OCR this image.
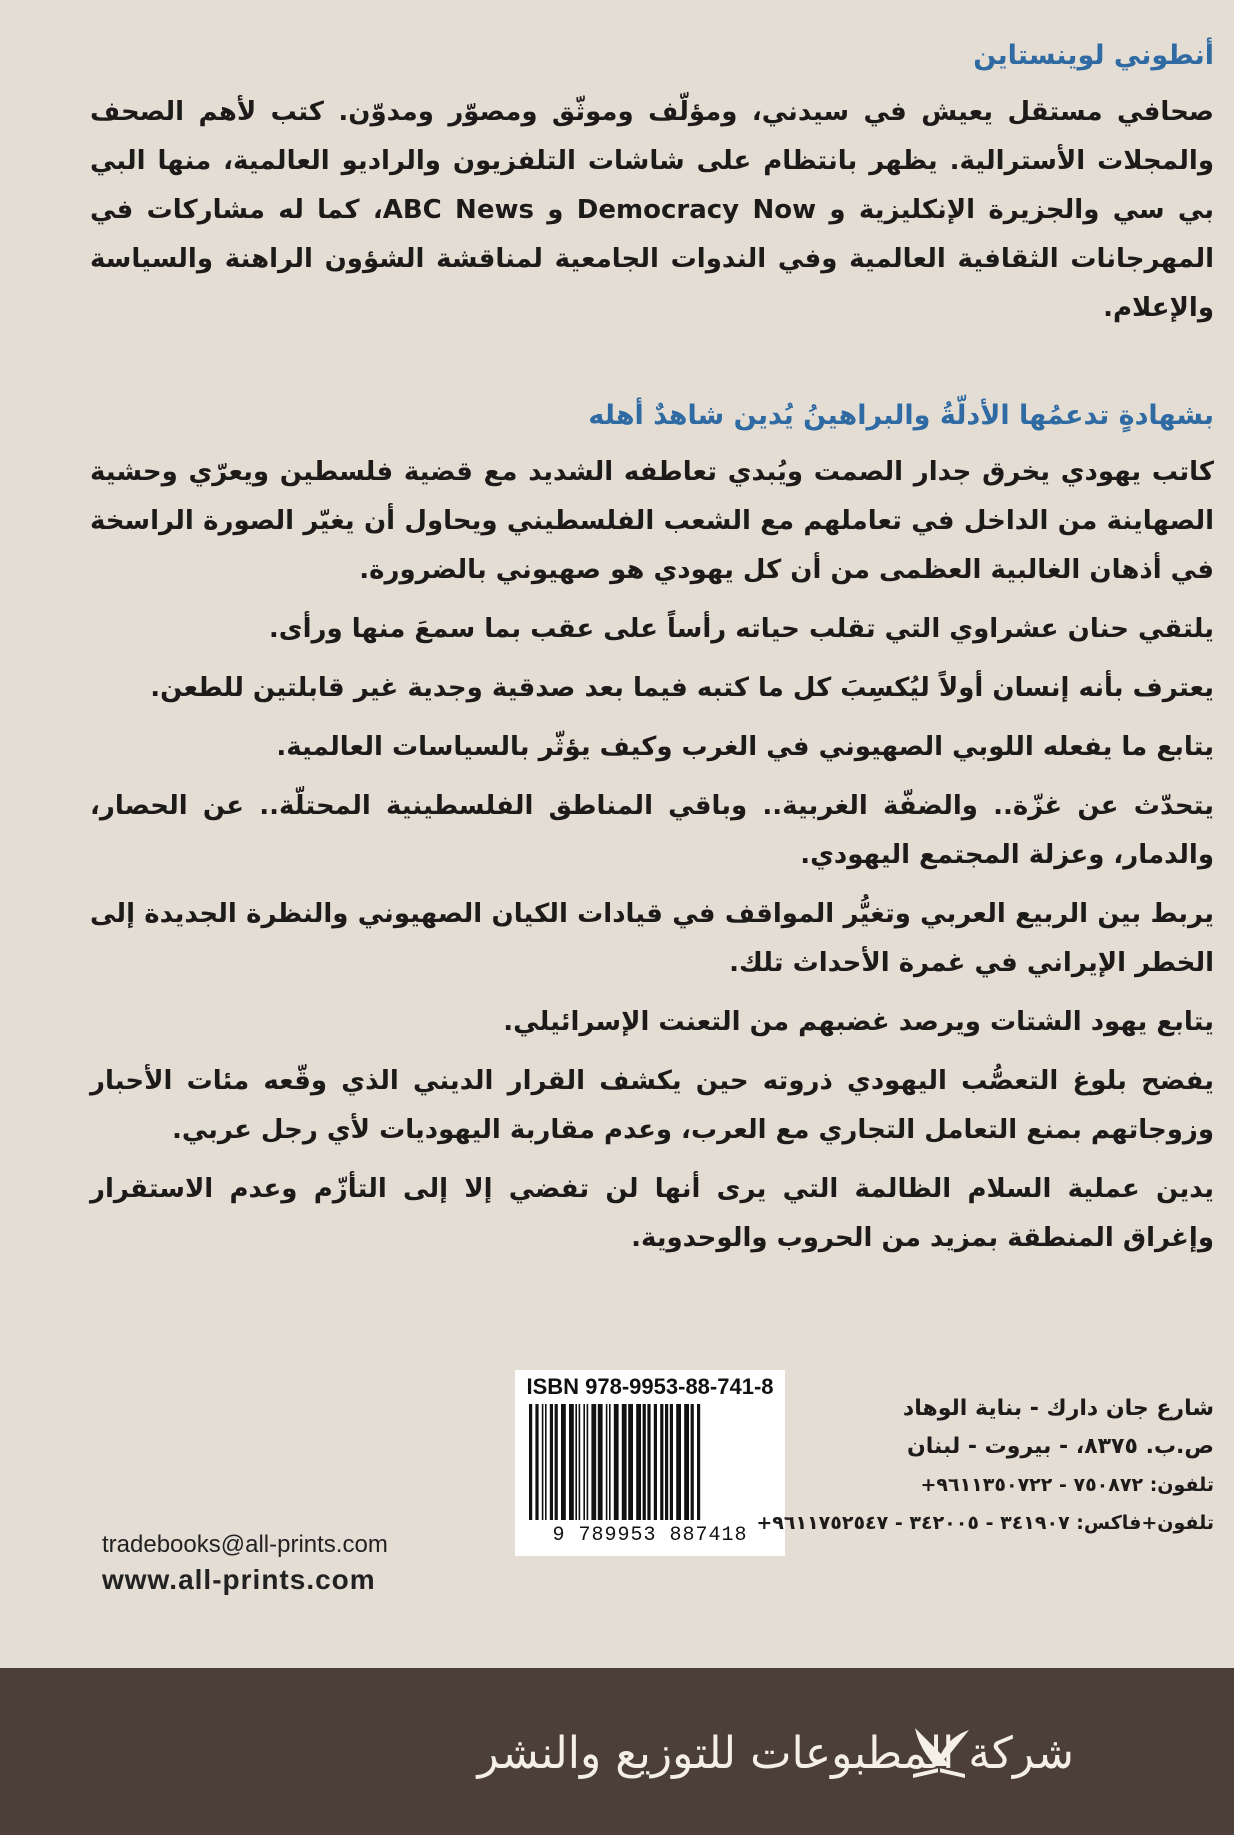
أنطوني لوينستاين
صحافي مستقل يعيش في سيدني، ومؤلّف وموثّق ومصوّر ومدوّن. كتب لأهم الصحف والمجلات الأسترالية. يظهر بانتظام على شاشات التلفزيون والراديو العالمية، منها البي بي سي والجزيرة الإنكليزية و Democracy Now و ABC News، كما له مشاركات في المهرجانات الثقافية العالمية وفي الندوات الجامعية لمناقشة الشؤون الراهنة والسياسة والإعلام.
بشهادةٍ تدعمُها الأدلّةُ والبراهينُ يُدين شاهدٌ أهله

كاتب يهودي يخرق جدار الصمت ويُبدي تعاطفه الشديد مع قضية فلسطين ويعرّي وحشية الصهاينة من الداخل في تعاملهم مع الشعب الفلسطيني ويحاول أن يغيّر الصورة الراسخة في أذهان الغالبية العظمى من أن كل يهودي هو صهيوني بالضرورة.

يلتقي حنان عشراوي التي تقلب حياته رأساً على عقب بما سمعَ منها ورأى.

يعترف بأنه إنسان أولاً ليُكسِبَ كل ما كتبه فيما بعد صدقية وجدية غير قابلتين للطعن.

يتابع ما يفعله اللوبي الصهيوني في الغرب وكيف يؤثّر بالسياسات العالمية.

يتحدّث عن غزّة.. والضفّة الغربية.. وباقي المناطق الفلسطينية المحتلّة.. عن الحصار، والدمار، وعزلة المجتمع اليهودي.

يربط بين الربيع العربي وتغيُّر المواقف في قيادات الكيان الصهيوني والنظرة الجديدة إلى الخطر الإيراني في غمرة الأحداث تلك.

يتابع يهود الشتات ويرصد غضبهم من التعنت الإسرائيلي.

يفضح بلوغ التعصُّب اليهودي ذروته حين يكشف القرار الديني الذي وقّعه مئات الأحبار وزوجاتهم بمنع التعامل التجاري مع العرب، وعدم مقاربة اليهوديات لأي رجل عربي.

يدين عملية السلام الظالمة التي يرى أنها لن تفضي إلا إلى التأزّم وعدم الاستقرار وإغراق المنطقة بمزيد من الحروب والوحدوية.

ISBN 978-9953-88-741-8
9 789953 887418
شارع جان دارك - بناية الوهاد
ص.ب. ٨٣٧٥، - بيروت - لبنان
تلفون: ٧٥٠٨٧٢ - ٩٦١١٣٥٠٧٢٢+
تلفون+فاكس: ٣٤١٩٠٧ - ٣٤٢٠٠٥ - ٩٦١١٧٥٢٥٤٧+
tradebooks@all-prints.com
www.all-prints.com
شركة المطبوعات للتوزيع والنشر
